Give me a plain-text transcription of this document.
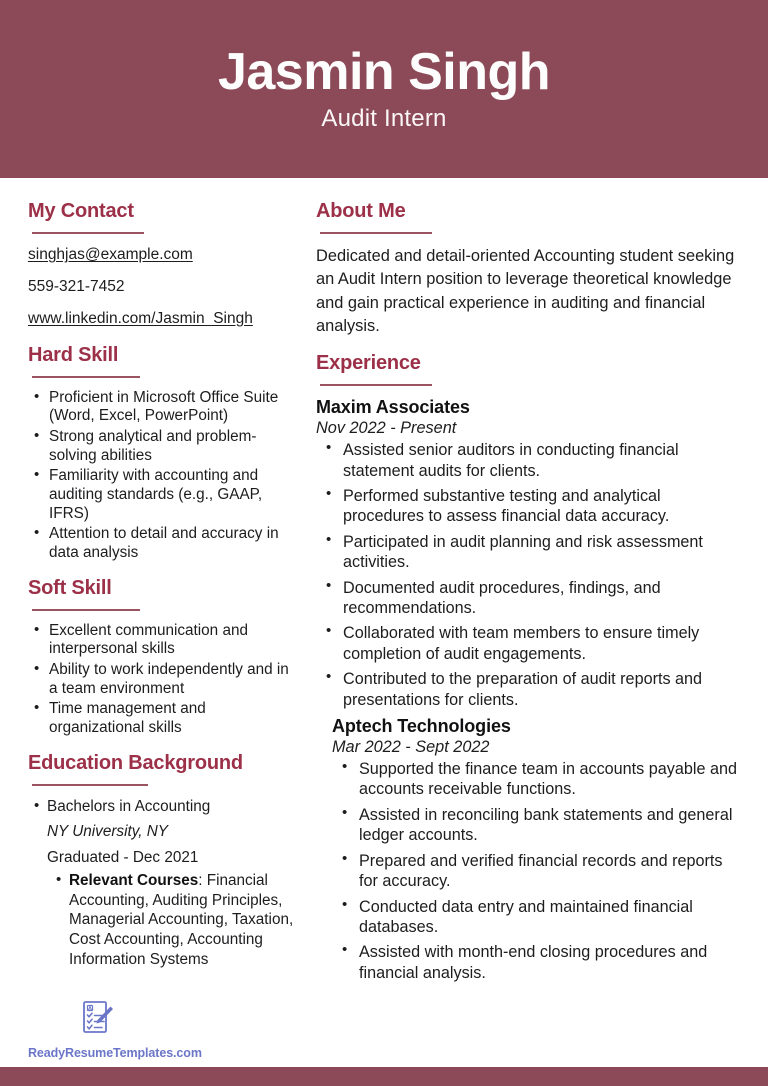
Jasmin Singh
Audit Intern
My Contact
singhjas@example.com
559-321-7452
www.linkedin.com/Jasmin_Singh
Hard Skill
• Proficient in Microsoft Office Suite (Word, Excel, PowerPoint)
• Strong analytical and problem-solving abilities
• Familiarity with accounting and auditing standards (e.g., GAAP, IFRS)
• Attention to detail and accuracy in data analysis
Soft Skill
• Excellent communication and interpersonal skills
• Ability to work independently and in a team environment
• Time management and organizational skills
Education Background
• Bachelors in Accounting
NY University, NY
Graduated - Dec 2021
• Relevant Courses: Financial Accounting, Auditing Principles, Managerial Accounting, Taxation, Cost Accounting, Accounting Information Systems
About Me

Dedicated and detail-oriented Accounting student seeking an Audit Intern position to leverage theoretical knowledge and gain practical experience in auditing and financial analysis.

Experience
Maxim Associates
Nov 2022 - Present
• Assisted senior auditors in conducting financial statement audits for clients.
• Performed substantive testing and analytical procedures to assess financial data accuracy.
• Participated in audit planning and risk assessment activities.
• Documented audit procedures, findings, and recommendations.
• Collaborated with team members to ensure timely completion of audit engagements.
• Contributed to the preparation of audit reports and presentations for clients.
Aptech Technologies
Mar 2022 - Sept 2022
• Supported the finance team in accounts payable and accounts receivable functions.
• Assisted in reconciling bank statements and general ledger accounts.
• Prepared and verified financial records and reports for accuracy.
• Conducted data entry and maintained financial databases.
• Assisted with month-end closing procedures and financial analysis.
ReadyResumeTemplates.com
